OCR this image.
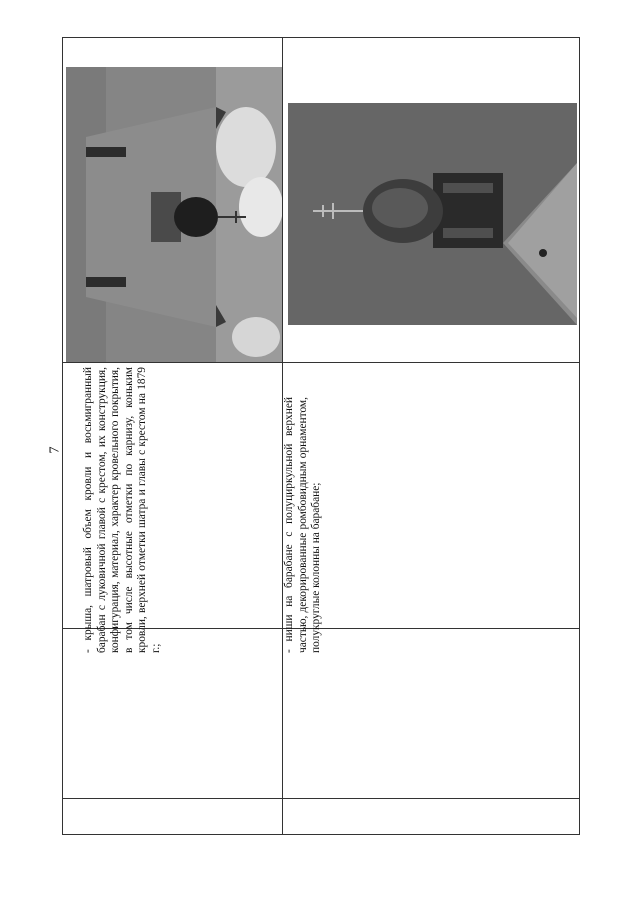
7 - крыша, шатровый объем кровли и восьмигранный барабан с луковичной главой с крестом, их конструкция, конфигурация, материал, характер кровельного покрытия, в том числе высотные отметки по карнизу, коньким кровли, верхней отметки шатра и главы с крестом на 1879 г.;	- ниши на барабане с полуциркульной верхней частью, декорированные ромбовидным орнаментом, полукруглые колонны на барабане;
